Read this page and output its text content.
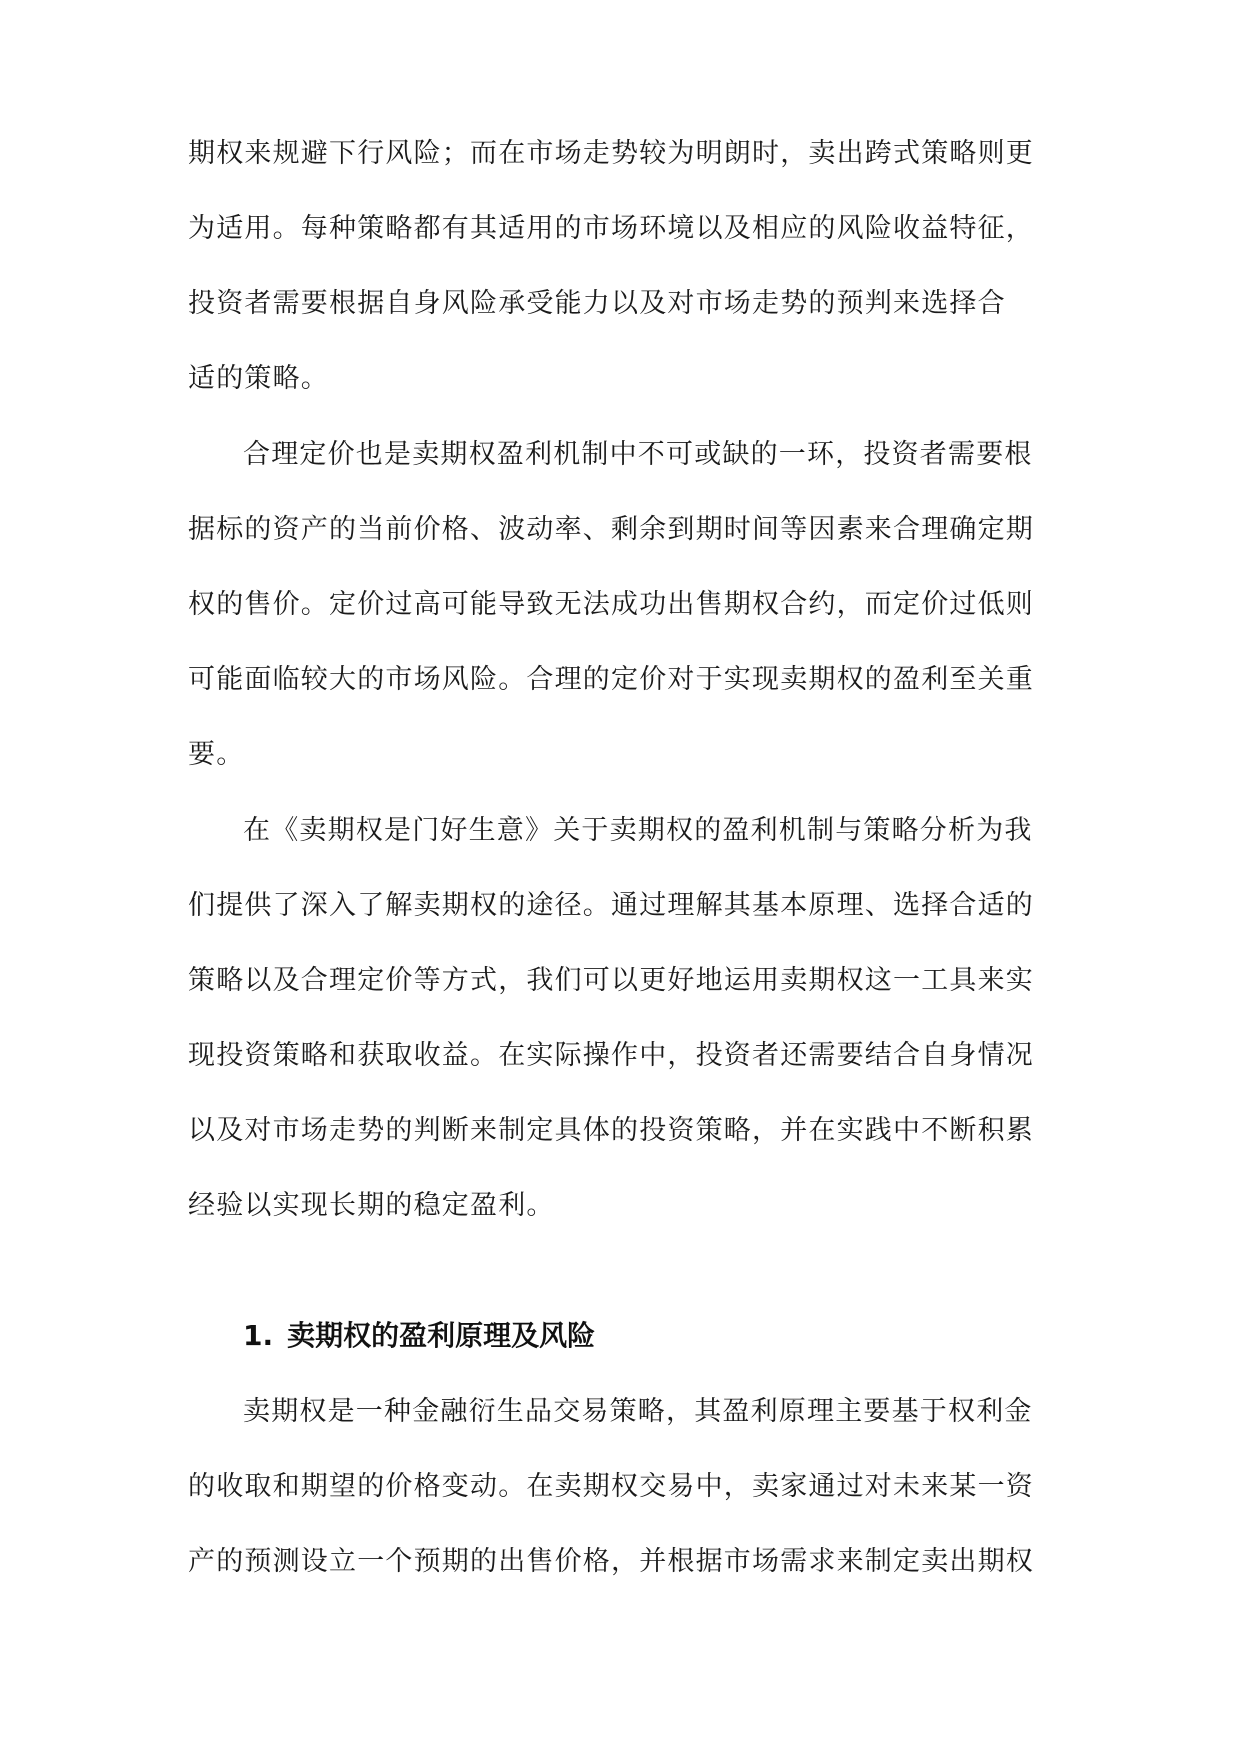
期权来规避下行风险；而在市场走势较为明朗时，卖出跨式策略则更
为适用。每种策略都有其适用的市场环境以及相应的风险收益特征，
投资者需要根据自身风险承受能力以及对市场走势的预判来选择合
适的策略。
合理定价也是卖期权盈利机制中不可或缺的一环，投资者需要根
据标的资产的当前价格、波动率、剩余到期时间等因素来合理确定期
权的售价。定价过高可能导致无法成功出售期权合约，而定价过低则
可能面临较大的市场风险。合理的定价对于实现卖期权的盈利至关重
要。
在《卖期权是门好生意》关于卖期权的盈利机制与策略分析为我
们提供了深入了解卖期权的途径。通过理解其基本原理、选择合适的
策略以及合理定价等方式，我们可以更好地运用卖期权这一工具来实
现投资策略和获取收益。在实际操作中，投资者还需要结合自身情况
以及对市场走势的判断来制定具体的投资策略，并在实践中不断积累
经验以实现长期的稳定盈利。
1. 卖期权的盈利原理及风险
卖期权是一种金融衍生品交易策略，其盈利原理主要基于权利金
的收取和期望的价格变动。在卖期权交易中，卖家通过对未来某一资
产的预测设立一个预期的出售价格，并根据市场需求来制定卖出期权
